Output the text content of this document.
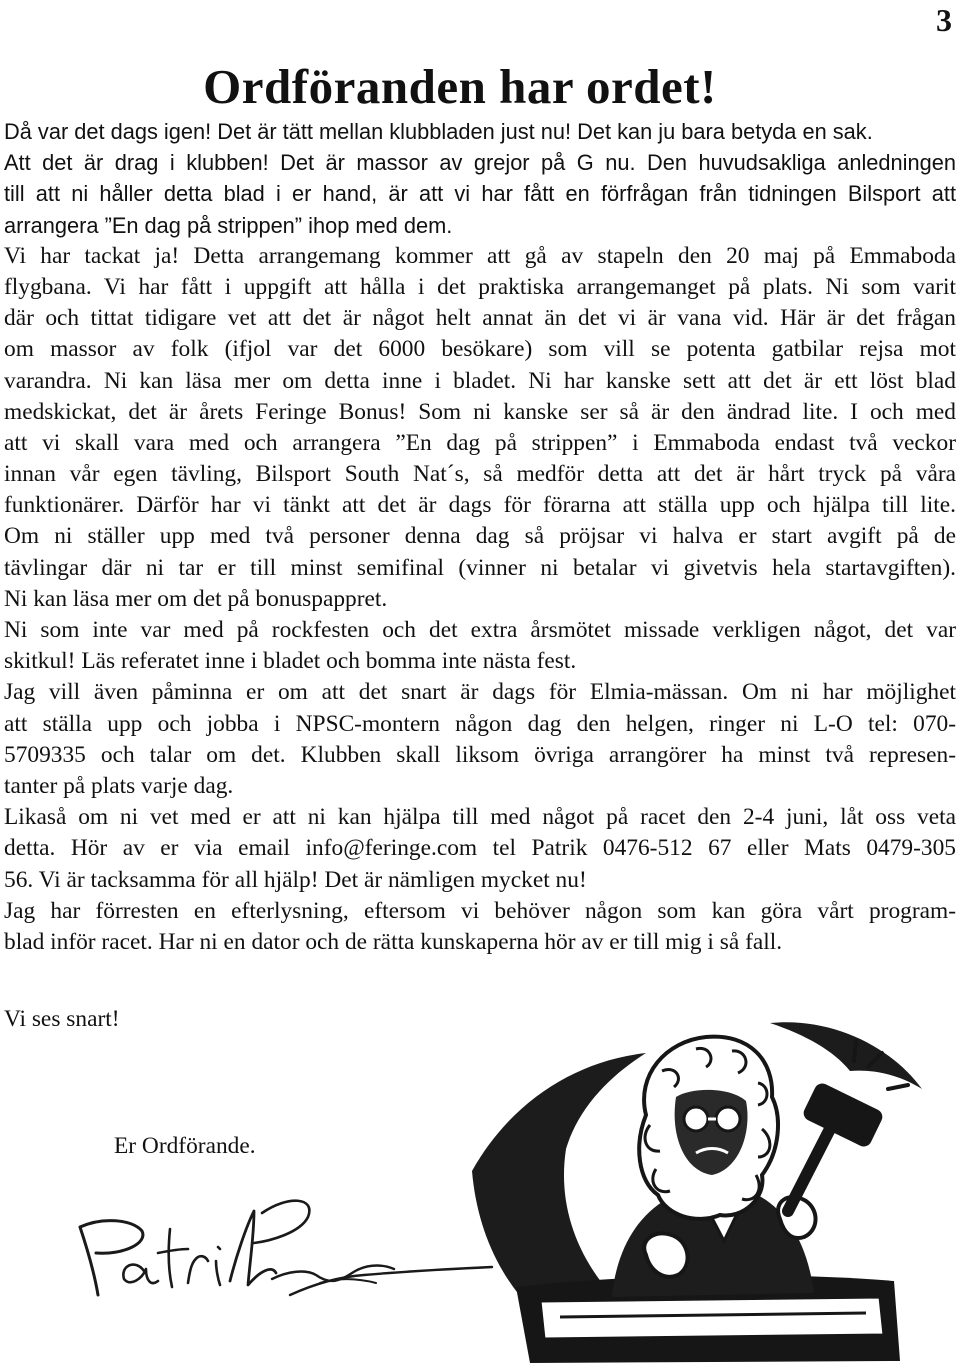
3
Ordföranden har ordet!
Då var det dags igen! Det är tätt mellan klubbladen just nu! Det kan ju bara betyda en sak.
Att det är drag i klubben! Det är massor av grejor på G nu. Den huvudsakliga anledningen
till att ni håller detta blad i er hand, är att vi har fått en förfrågan från tidningen Bilsport att
arrangera ”En dag på strippen” ihop med dem.
Vi har tackat ja! Detta arrangemang kommer att gå av stapeln den 20 maj på Emmaboda
flygbana. Vi har fått i uppgift att hålla i det praktiska arrangemanget på plats. Ni som varit
där och tittat tidigare vet att det är något helt annat än det vi är vana vid. Här är det frågan
om massor av folk (ifjol var det 6000 besökare) som vill se potenta gatbilar rejsa mot
varandra. Ni kan läsa mer om detta inne i bladet. Ni har kanske sett att det är ett löst blad
medskickat, det är årets Feringe Bonus! Som ni kanske ser så är den ändrad lite. I och med
att vi skall vara med och arrangera ”En dag på strippen” i Emmaboda endast två veckor
innan vår egen tävling, Bilsport South Nat´s, så medför detta att det är hårt tryck på våra
funktionärer. Därför har vi tänkt att det är dags för förarna att ställa upp och hjälpa till lite.
Om ni ställer upp med två personer denna dag så pröjsar vi halva er start avgift på de
tävlingar där ni tar er till minst semifinal (vinner ni betalar vi givetvis hela startavgiften).
Ni kan läsa mer om det på bonuspappret.
Ni som inte var med på rockfesten och det extra årsmötet missade verkligen något, det var
skitkul! Läs referatet inne i bladet och bomma inte nästa fest.
Jag vill även påminna er om att det snart är dags för Elmia-mässan. Om ni har möjlighet
att ställa upp och jobba i NPSC-montern någon dag den helgen, ringer ni L-O tel: 070-
5709335 och talar om det. Klubben skall liksom övriga arrangörer ha minst två represen-
tanter på plats varje dag.
Likaså om ni vet med er att ni kan hjälpa till med något på racet den 2-4 juni, låt oss veta
detta. Hör av er via email info@feringe.com tel Patrik 0476-512 67 eller Mats 0479-305
56. Vi är tacksamma för all hjälp! Det är nämligen mycket nu!
Jag har förresten en efterlysning, eftersom vi behöver någon som kan göra vårt program-
blad inför racet. Har ni en dator och de rätta kunskaperna hör av er till mig i så fall.
Vi ses snart!
Er Ordförande.
